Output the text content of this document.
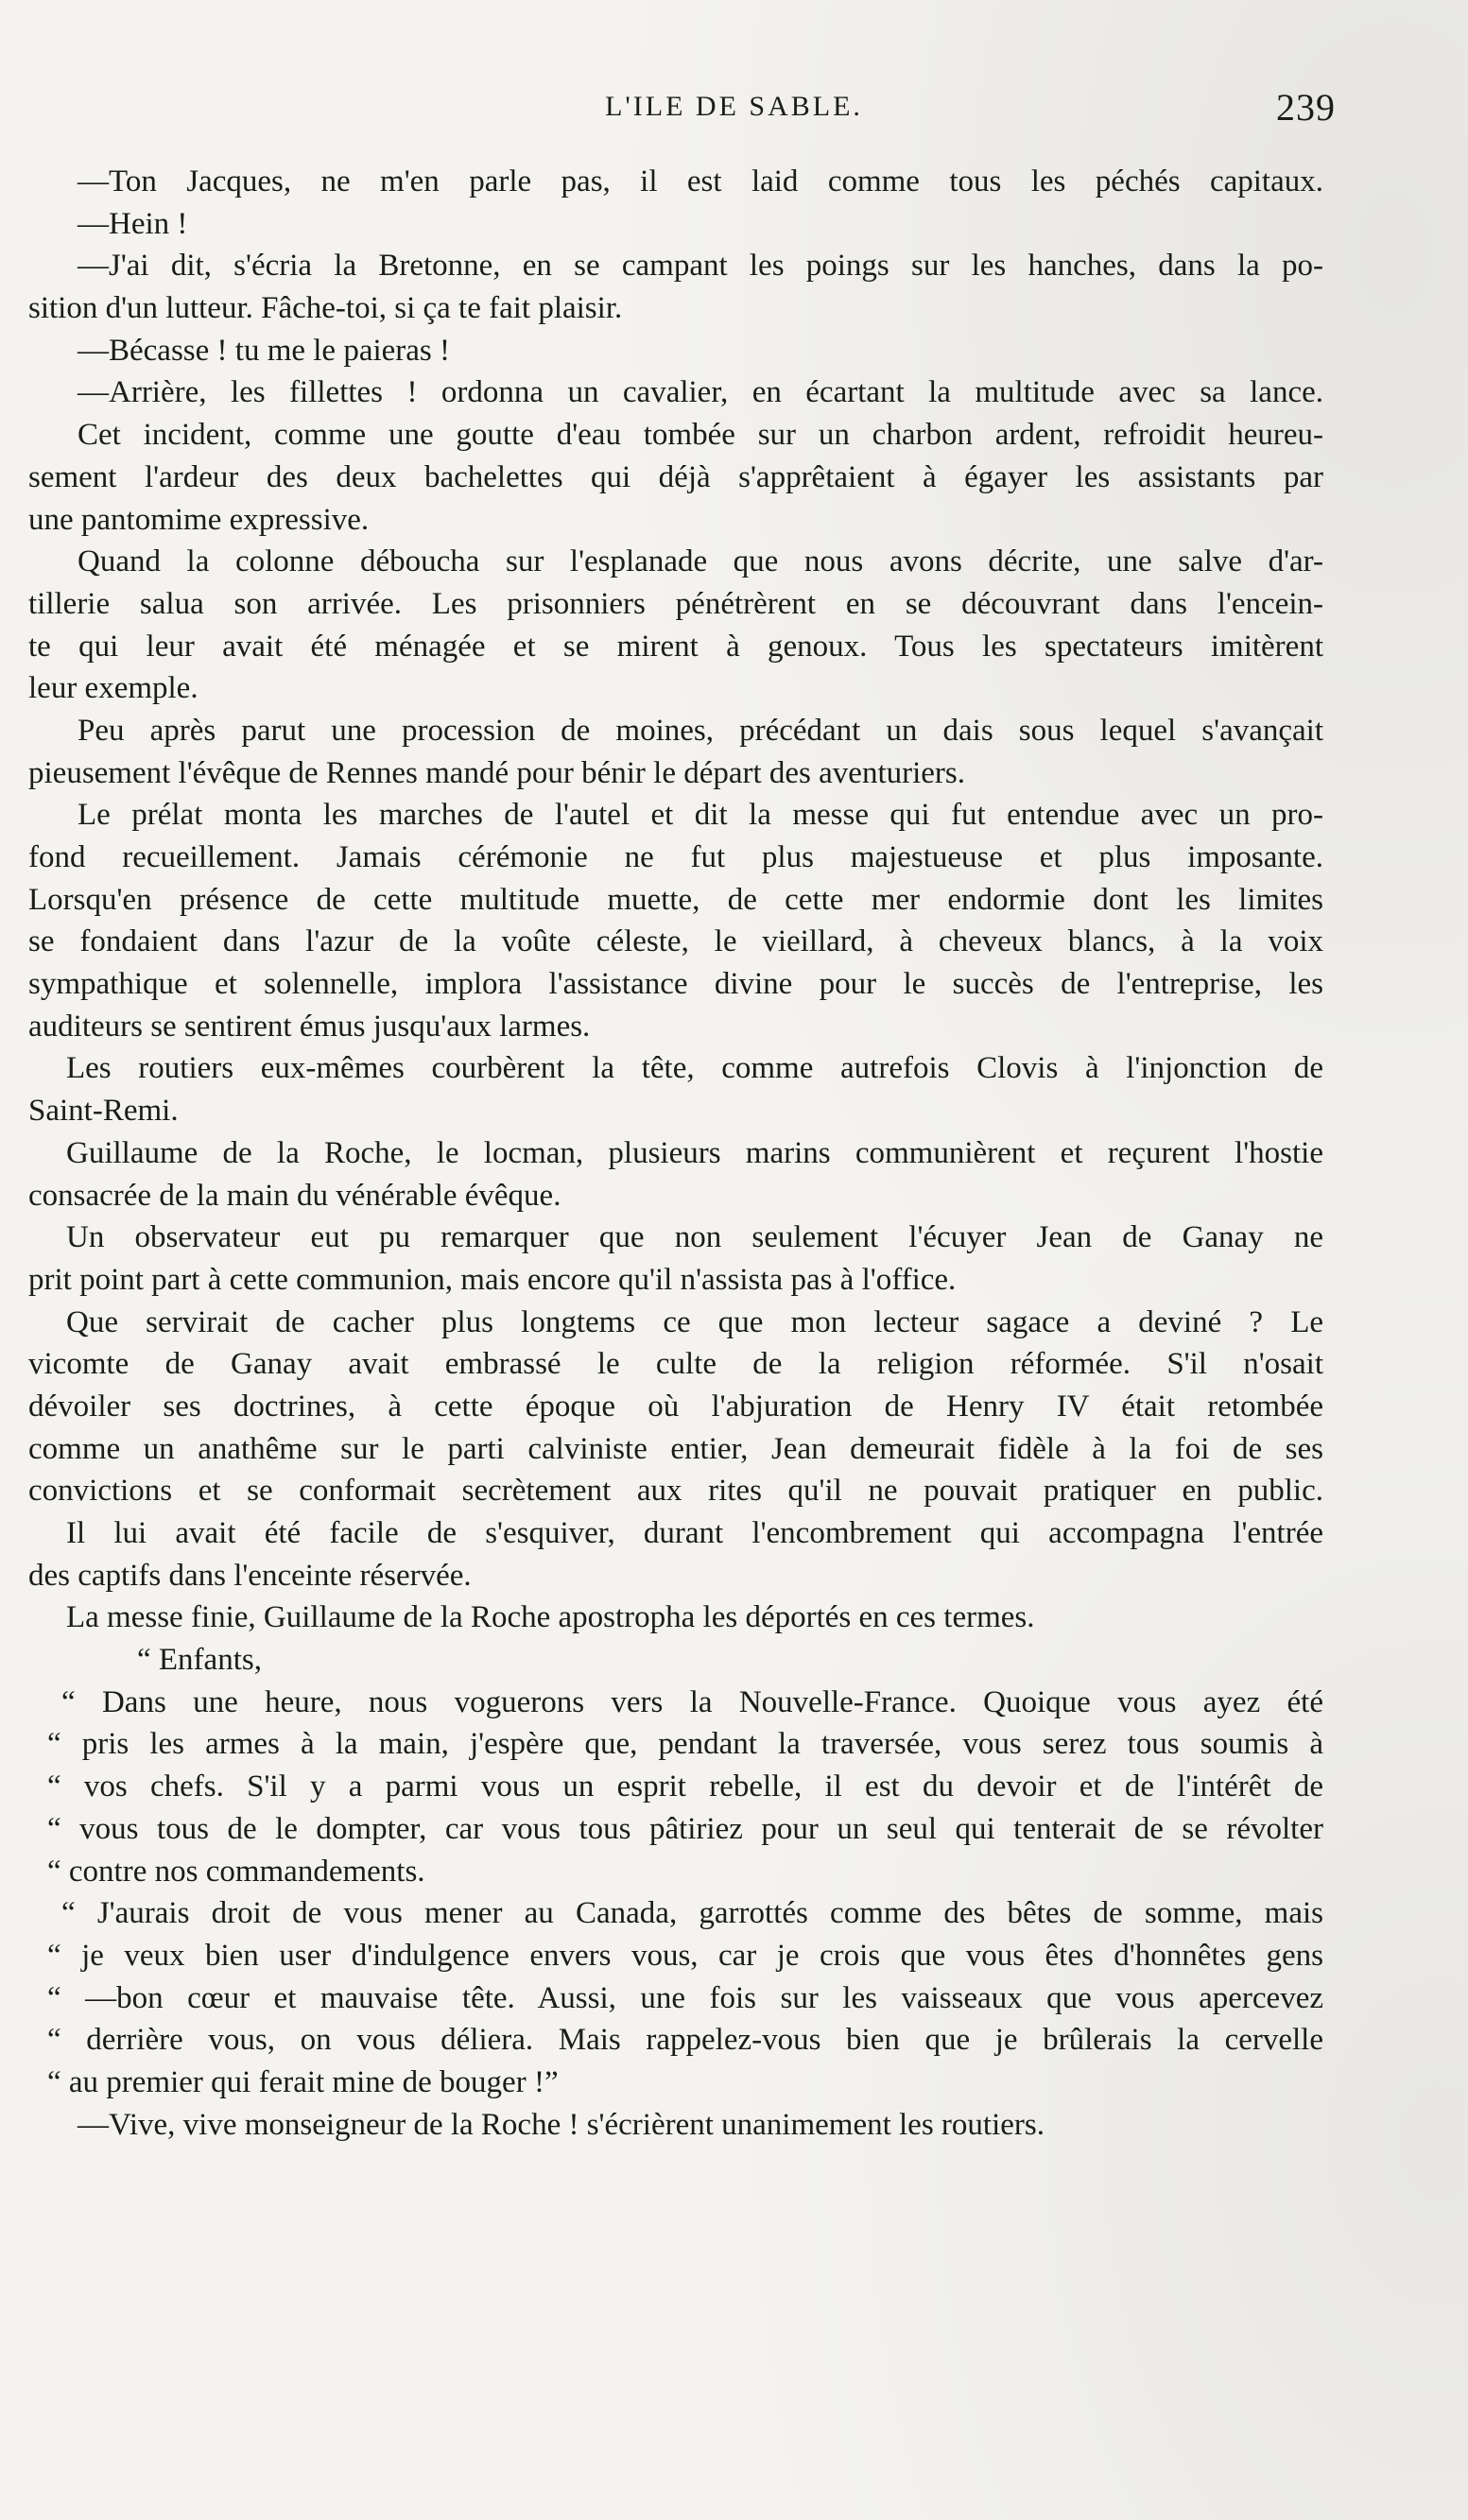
L'ILE DE SABLE.	239
—Ton Jacques, ne m'en parle pas, il est laid comme tous les péchés capitaux.
—Hein !
—J'ai dit, s'écria la Bretonne, en se campant les poings sur les hanches, dans la po-
sition d'un lutteur. Fâche-toi, si ça te fait plaisir.
—Bécasse ! tu me le paieras !
—Arrière, les fillettes ! ordonna un cavalier, en écartant la multitude avec sa lance.
Cet incident, comme une goutte d'eau tombée sur un charbon ardent, refroidit heureu-
sement l'ardeur des deux bachelettes qui déjà s'apprêtaient à égayer les assistants par
une pantomime expressive.
Quand la colonne déboucha sur l'esplanade que nous avons décrite, une salve d'ar-
tillerie salua son arrivée. Les prisonniers pénétrèrent en se découvrant dans l'encein-
te qui leur avait été ménagée et se mirent à genoux. Tous les spectateurs imitèrent
leur exemple.
Peu après parut une procession de moines, précédant un dais sous lequel s'avançait
pieusement l'évêque de Rennes mandé pour bénir le départ des aventuriers.
Le prélat monta les marches de l'autel et dit la messe qui fut entendue avec un pro-
fond recueillement. Jamais cérémonie ne fut plus majestueuse et plus imposante.
Lorsqu'en présence de cette multitude muette, de cette mer endormie dont les limites
se fondaient dans l'azur de la voûte céleste, le vieillard, à cheveux blancs, à la voix
sympathique et solennelle, implora l'assistance divine pour le succès de l'entreprise, les
auditeurs se sentirent émus jusqu'aux larmes.
Les routiers eux-mêmes courbèrent la tête, comme autrefois Clovis à l'injonction de
Saint-Remi.
Guillaume de la Roche, le locman, plusieurs marins communièrent et reçurent l'hostie
consacrée de la main du vénérable évêque.
Un observateur eut pu remarquer que non seulement l'écuyer Jean de Ganay ne
prit point part à cette communion, mais encore qu'il n'assista pas à l'office.
Que servirait de cacher plus longtems ce que mon lecteur sagace a deviné ? Le
vicomte de Ganay avait embrassé le culte de la religion réformée. S'il n'osait
dévoiler ses doctrines, à cette époque où l'abjuration de Henry IV était retombée
comme un anathême sur le parti calviniste entier, Jean demeurait fidèle à la foi de ses
convictions et se conformait secrètement aux rites qu'il ne pouvait pratiquer en public.
Il lui avait été facile de s'esquiver, durant l'encombrement qui accompagna l'entrée
des captifs dans l'enceinte réservée.
La messe finie, Guillaume de la Roche apostropha les déportés en ces termes.
“ Enfants,
“ Dans une heure, nous voguerons vers la Nouvelle-France. Quoique vous ayez été
“ pris les armes à la main, j'espère que, pendant la traversée, vous serez tous soumis à
“ vos chefs. S'il y a parmi vous un esprit rebelle, il est du devoir et de l'intérêt de
“ vous tous de le dompter, car vous tous pâtiriez pour un seul qui tenterait de se révolter
“ contre nos commandements.
“ J'aurais droit de vous mener au Canada, garrottés comme des bêtes de somme, mais
“ je veux bien user d'indulgence envers vous, car je crois que vous êtes d'honnêtes gens
“ —bon cœur et mauvaise tête. Aussi, une fois sur les vaisseaux que vous apercevez
“ derrière vous, on vous déliera. Mais rappelez-vous bien que je brûlerais la cervelle
“ au premier qui ferait mine de bouger !”
—Vive, vive monseigneur de la Roche ! s'écrièrent unanimement les routiers.
